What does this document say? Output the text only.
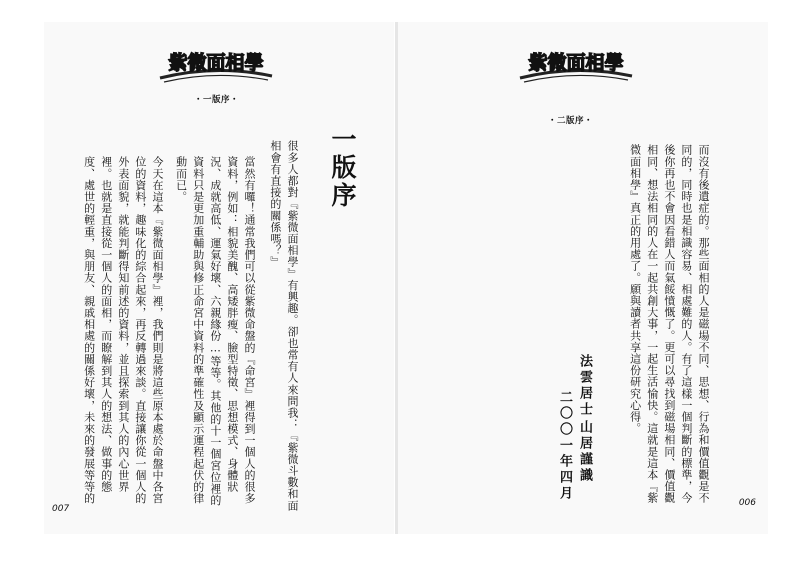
紫微面相學
・一版序・
一版序
很多人都對『紫微面相學』有興趣。卻也常有人來問我：『紫微斗數和面相會有直接的關係嗎？』
當然有囉！通常我們可以從紫微命盤的『命宮』裡得到一個人的很多資料，例如：相貌美醜、高矮胖瘦、臉型特徵、思想模式、身體狀況、成就高低、運氣好壞、六親緣份…等等。其他的十一個宮位裡的資料只是更加重輔助與修正命宮中資料的準確性及顯示運程起伏的律動而已。
今天在這本『紫微面相學』裡，我們則是將這些原本處於命盤中各宮位的資料，趣味化的綜合起來，再反轉過來談。直接讓你從一個人的外表面貌，就能判斷得知前述的資料，並且探索到其人的內心世界裡。也就是直接從一個人的面相，而瞭解到其人的想法、做事的態度、處世的輕重，與朋友、親戚相處的關係好壞，未來的發展等等的
007
紫微面相學
・二版序・
而沒有後遺症的。那些面相的人是磁場不同、思想、行為和價值觀是不同的，同時也是相識容易、相處難的人。有了這樣一個判斷的標準，今後你再也不會因看錯人而氣餒憤慨了。更可以尋找到磁場相同、價值觀相同、想法相同的人在一起共創大事，一起生活愉快。這就是這本『紫微面相學』真正的用處了。願與讀者共享這份研究心得。
法雲居士
山居謹識
二〇〇一年四月
006
